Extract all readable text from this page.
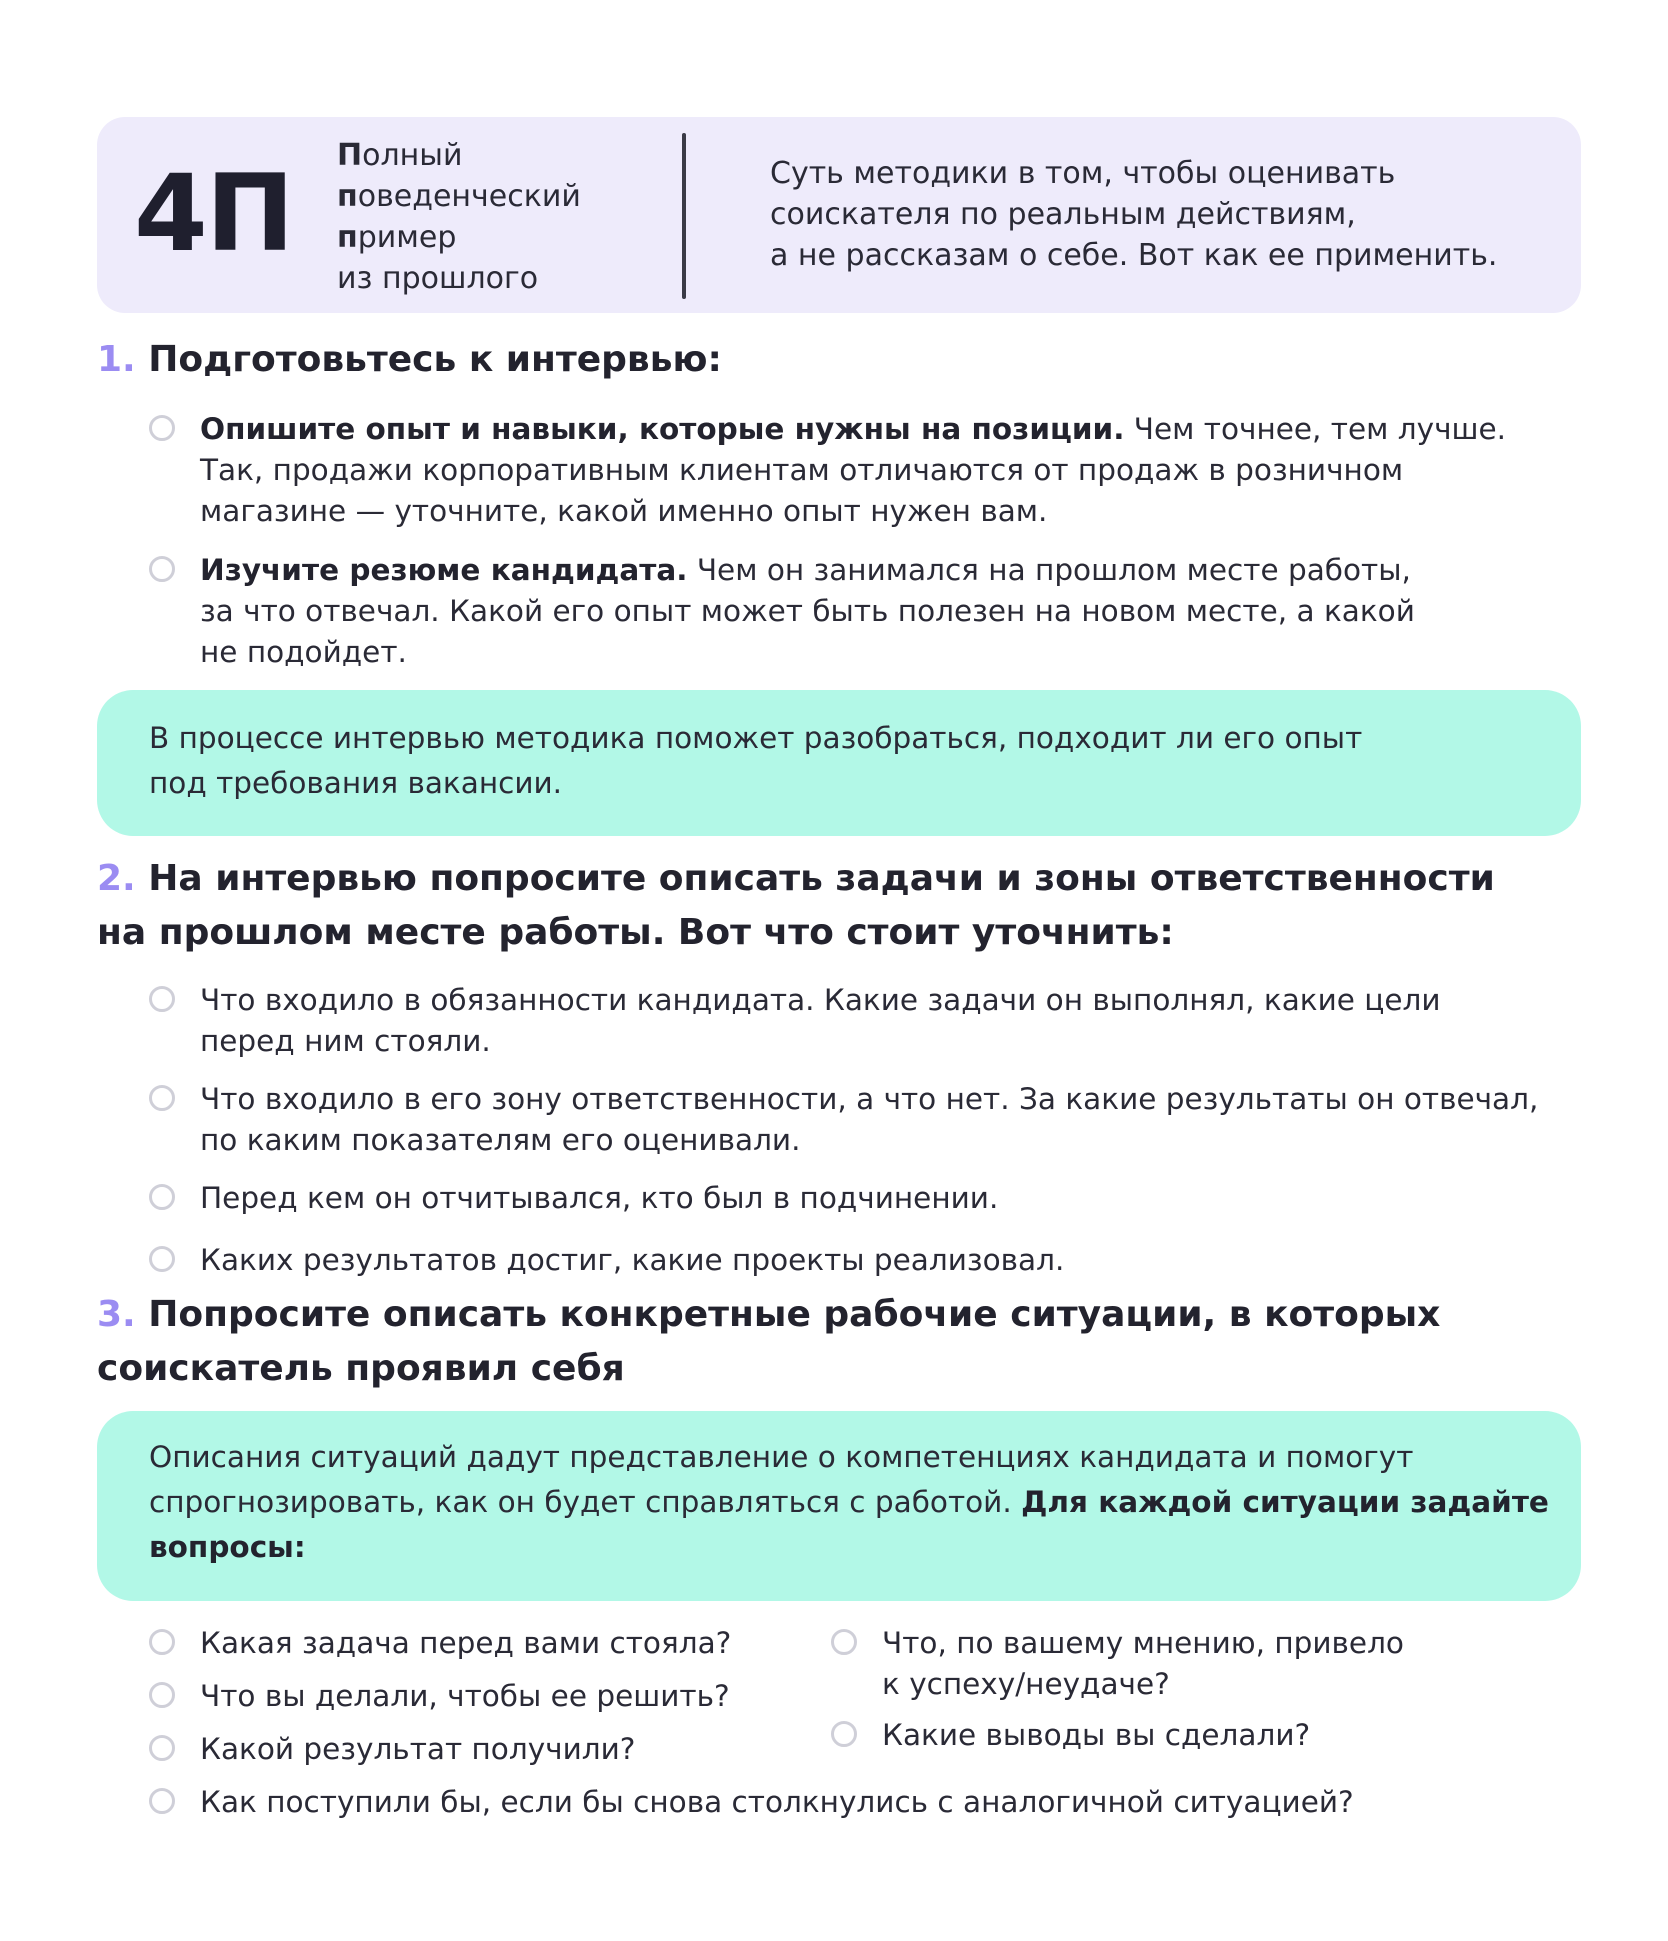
4П Полный
поведенческий
пример
из прошлого
Суть методики в том, чтобы оценивать
соискателя по реальным действиям,
а не рассказам о себе. Вот как ее применить.
1. Подготовьтесь к интервью:
Опишите опыт и навыки, которые нужны на позиции. Чем точнее, тем лучше.
Так, продажи корпоративным клиентам отличаются от продаж в розничном
магазине — уточните, какой именно опыт нужен вам.
Изучите резюме кандидата. Чем он занимался на прошлом месте работы,
за что отвечал. Какой его опыт может быть полезен на новом месте, а какой
не подойдет.
В процессе интервью методика поможет разобраться, подходит ли его опыт
под требования вакансии.
2. На интервью попросите описать задачи и зоны ответственности
на прошлом месте работы. Вот что стоит уточнить:
Что входило в обязанности кандидата. Какие задачи он выполнял, какие цели
перед ним стояли.
Что входило в его зону ответственности, а что нет. За какие результаты он отвечал,
по каким показателям его оценивали.
Перед кем он отчитывался, кто был в подчинении.
Каких результатов достиг, какие проекты реализовал.
3. Попросите описать конкретные рабочие ситуации, в которых
соискатель проявил себя
Описания ситуаций дадут представление о компетенциях кандидата и помогут
спрогнозировать, как он будет справляться с работой. Для каждой ситуации задайте
вопросы:
Какая задача перед вами стояла?
Что вы делали, чтобы ее решить?
Какой результат получили?
Что, по вашему мнению, привело
к успеху/неудаче?
Какие выводы вы сделали?
Как поступили бы, если бы снова столкнулись с аналогичной ситуацией?
